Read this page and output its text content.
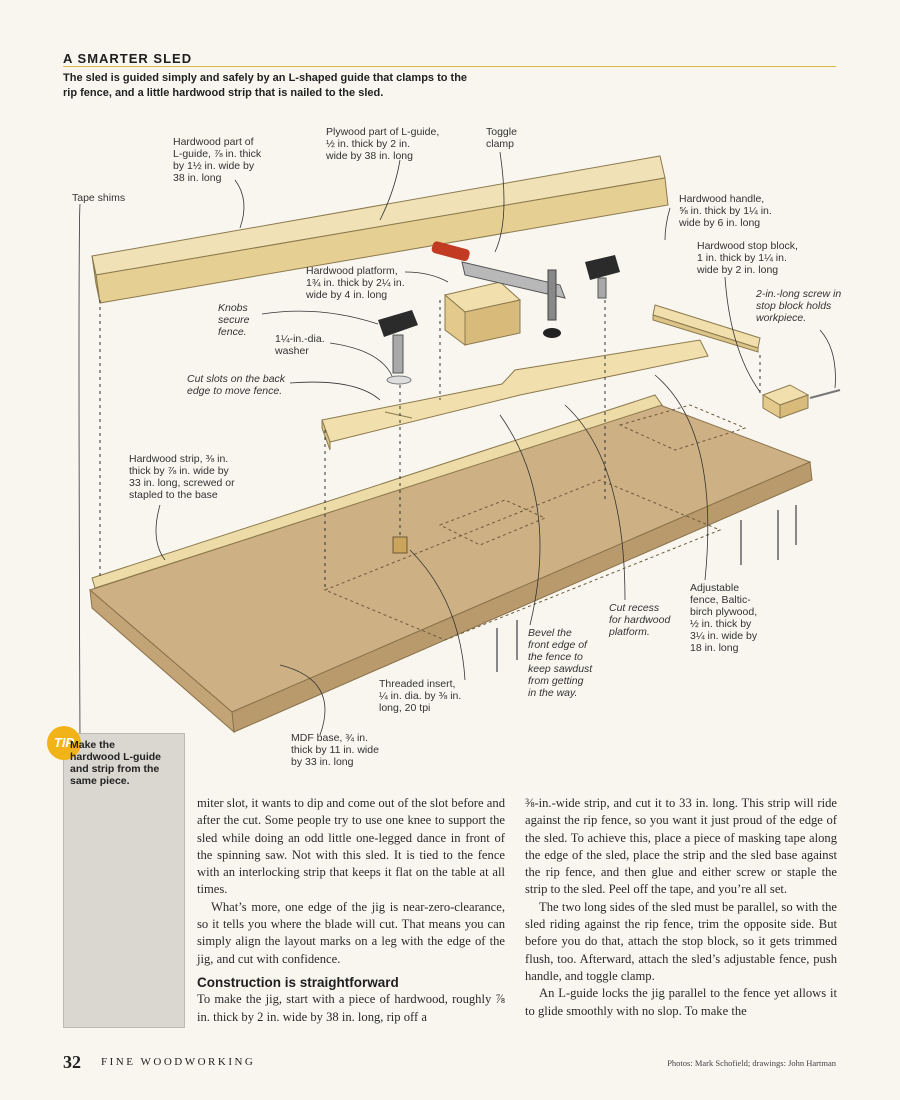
A SMARTER SLED
The sled is guided simply and safely by an L-shaped guide that clamps to the rip fence, and a little hardwood strip that is nailed to the sled.
Hardwood part of
L-guide, ⅞ in. thick
by 1½ in. wide by
38 in. long
Plywood part of L-guide,
½ in. thick by 2 in.
wide by 38 in. long
Toggle
clamp
Tape shims	Hardwood handle,
⅝ in. thick by 1¼ in.
wide by 6 in. long
Hardwood stop block,
1 in. thick by 1¼ in.
wide by 2 in. long
Hardwood platform,
1¾ in. thick by 2¼ in.
wide by 4 in. long	2-in.-long screw in
stop block holds
workpiece.
Knobs
secure
fence.
1¼-in.-dia.
washer
Cut slots on the back
edge to move fence.
Hardwood strip, ⅜ in.
thick by ⅞ in. wide by
33 in. long, screwed or
stapled to the base
Adjustable
fence, Baltic-
birch plywood,
½ in. thick by
3¼ in. wide by
18 in. long
Cut recess
for hardwood
platform.
Bevel the
front edge of
the fence to
keep sawdust
from getting
in the way.
Threaded insert,
¼ in. dia. by ⅜ in.
long, 20 tpi
MDF base, ¾ in.
thick by 11 in. wide
by 33 in. long
TIP
Make the
hardwood L-guide
and strip from the
same piece.

miter slot, it wants to dip and come out of the slot before and after the cut. Some people try to use one knee to support the sled while doing an odd little one-legged dance in front of the spinning saw. Not with this sled. It is tied to the fence with an interlocking strip that keeps it flat on the table at all times.

What’s more, one edge of the jig is near-zero-clearance, so it tells you where the blade will cut. That means you can simply align the layout marks on a leg with the edge of the jig, and cut with confidence.

Construction is straightforward

To make the jig, start with a piece of hardwood, roughly ⅞ in. thick by 2 in. wide by 38 in. long, rip off a

⅜-in.-wide strip, and cut it to 33 in. long. This strip will ride against the rip fence, so you want it just proud of the edge of the sled. To achieve this, place a piece of masking tape along the edge of the sled, place the strip and the sled base against the rip fence, and then glue and either screw or staple the strip to the sled. Peel off the tape, and you’re all set.

The two long sides of the sled must be parallel, so with the sled riding against the rip fence, trim the opposite side. But before you do that, attach the stop block, so it gets trimmed flush, too. Afterward, attach the sled’s adjustable fence, push handle, and toggle clamp.

An L-guide locks the jig parallel to the fence yet allows it to glide smoothly with no slop. To make the

32 FINE WOODWORKING	Photos: Mark Schofield; drawings: John Hartman
